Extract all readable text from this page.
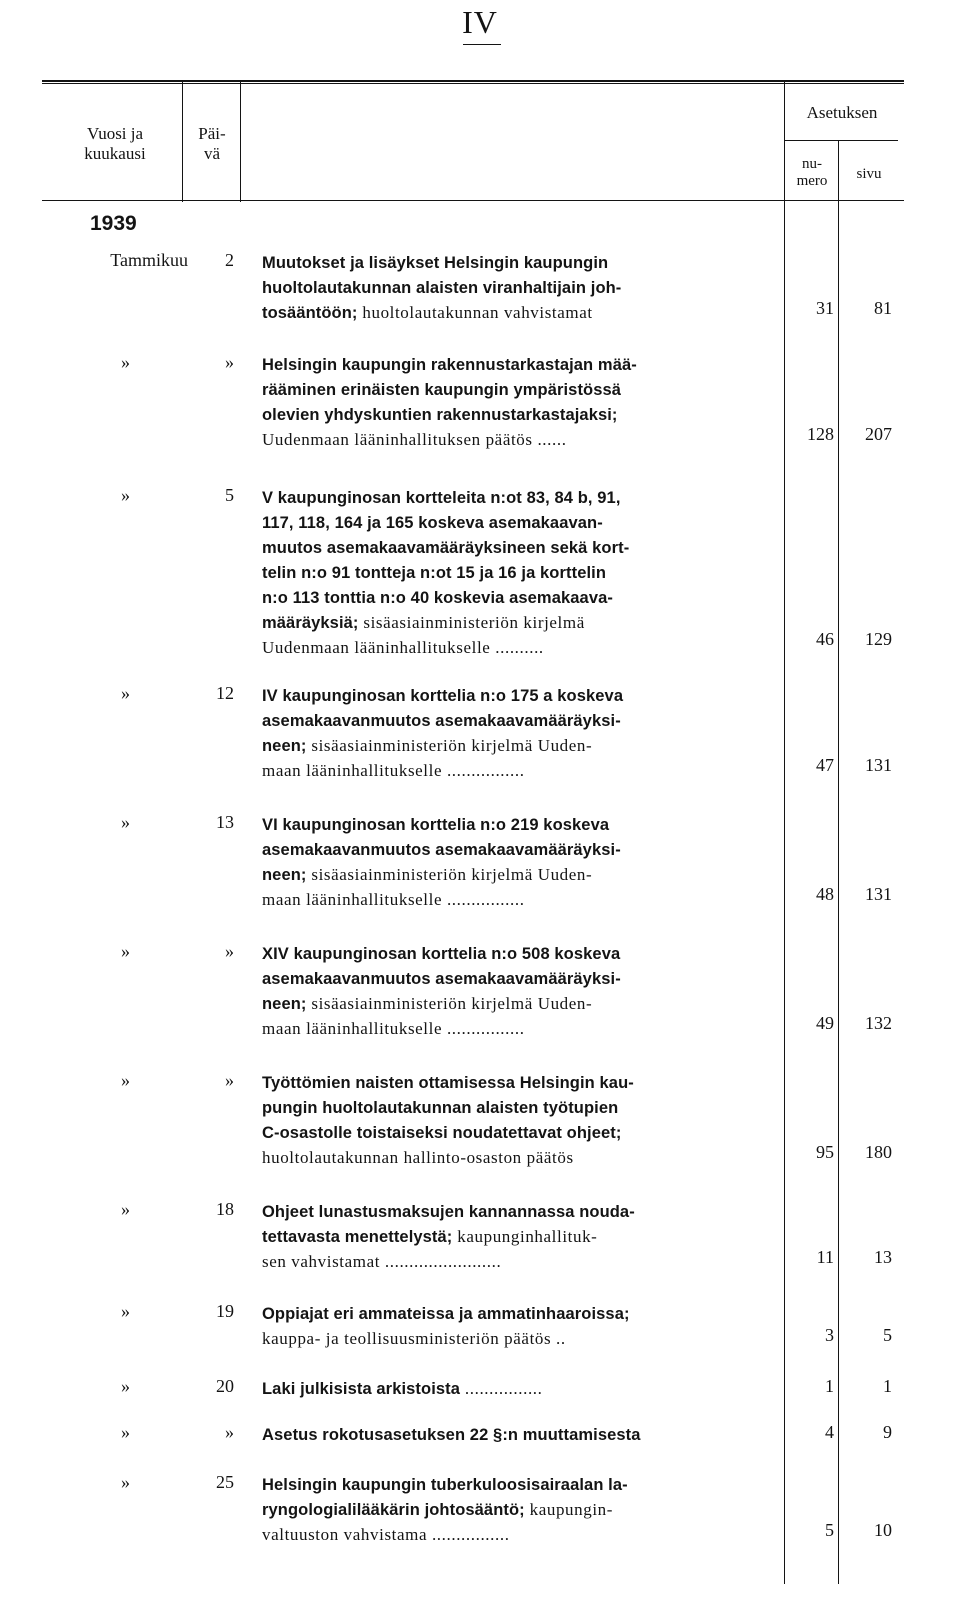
IV
Vuosi ja
kuukausi
Päi-
vä
Asetuksen
nu-
mero	sivu
1939
Tammikuu	2 Muutokset ja lisäykset Helsingin kaupungin
huoltolautakunnan alaisten viranhaltijain joh-
tosääntöön; huoltolautakunnan vahvistamat	31	81
»	» Helsingin kaupungin rakennustarkastajan mää-
rääminen erinäisten kaupungin ympäristössä
olevien yhdyskuntien rakennustarkastajaksi;
Uudenmaan lääninhallituksen päätös ......	128	207
»	5 V kaupunginosan kortteleita n:ot 83, 84 b, 91,
117, 118, 164 ja 165 koskeva asemakaavan-
muutos asemakaavamääräyksineen sekä kort-
telin n:o 91 tontteja n:ot 15 ja 16 ja korttelin
n:o 113 tonttia n:o 40 koskevia asemakaava-
määräyksiä; sisäasiainministeriön kirjelmä
Uudenmaan lääninhallitukselle ..........	46	129
»	12 IV kaupunginosan korttelia n:o 175 a koskeva
asemakaavanmuutos asemakaavamääräyksi-
neen; sisäasiainministeriön kirjelmä Uuden-
maan lääninhallitukselle ................	47	131
»	13 VI kaupunginosan korttelia n:o 219 koskeva
asemakaavanmuutos asemakaavamääräyksi-
neen; sisäasiainministeriön kirjelmä Uuden-
maan lääninhallitukselle ................	48	131
»	» XIV kaupunginosan korttelia n:o 508 koskeva
asemakaavanmuutos asemakaavamääräyksi-
neen; sisäasiainministeriön kirjelmä Uuden-
maan lääninhallitukselle ................	49	132
»	» Työttömien naisten ottamisessa Helsingin kau-
pungin huoltolautakunnan alaisten työtupien
C-osastolle toistaiseksi noudatettavat ohjeet;
huoltolautakunnan hallinto-osaston päätös	95	180
»	18 Ohjeet lunastusmaksujen kannannassa nouda-
tettavasta menettelystä; kaupunginhallituk-
sen vahvistamat ........................	11	13
»	19 Oppiajat eri ammateissa ja ammatinhaaroissa;
kauppa- ja teollisuusministeriön päätös ..	3	5
»	20 Laki julkisista arkistoista ................	1	1
»	» Asetus rokotusasetuksen 22 §:n muuttamisesta	4	9
»	25 Helsingin kaupungin tuberkuloosisairaalan la-
ryngologialilääkärin johtosääntö; kaupungin-
valtuuston vahvistama ................	5	10
